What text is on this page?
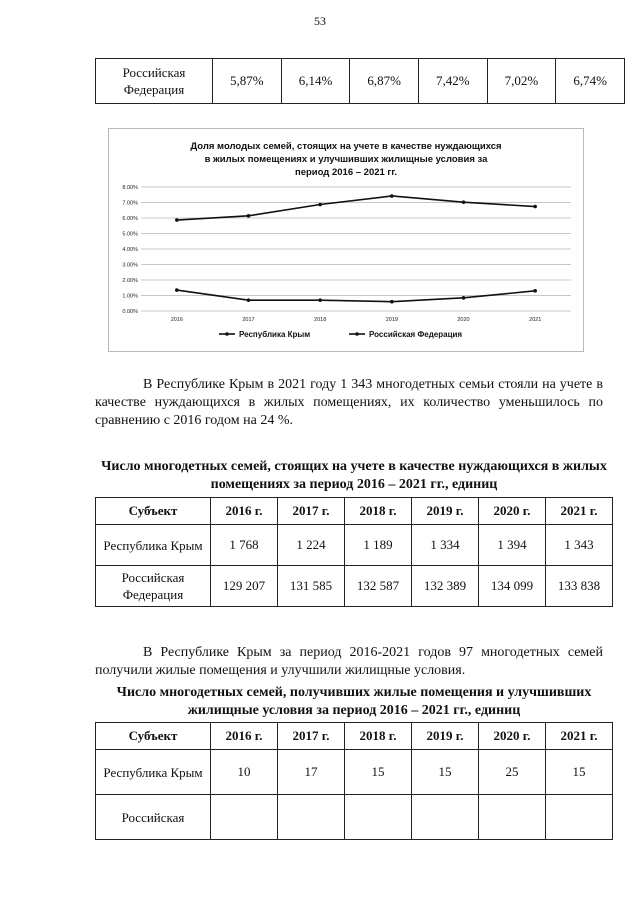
53
Российская Федерация	5,87%	6,14%	6,87%	7,42%	7,02%	6,74%
Доля молодых семей, стоящих на учете в качестве нуждающихся
в жилых помещениях и улучшивших жилищные условия за
период 2016 – 2021 гг.
0.00%
1.00%
2.00%
3.00%
4.00%
5.00%
6.00%
7.00%
8.00%
2016	2017	2018	2019	2020	2021
Республика Крым	Российская Федерация
В Республике Крым в 2021 году 1 343 многодетных семьи стояли на учете в качестве нуждающихся в жилых помещениях, их количество уменьшилось по сравнению с 2016 годом на 24 %.
Число многодетных семей, стоящих на учете в качестве нуждающихся в жилых помещениях за период 2016 – 2021 гг., единиц
Субъект	2016 г.	2017 г.	2018 г.	2019 г.	2020 г.	2021 г.
Республика Крым	1 768	1 224	1 189	1 334	1 394	1 343
Российская Федерация	129 207	131 585	132 587	132 389	134 099	133 838
В Республике Крым за период 2016-2021 годов 97 многодетных семей получили жилые помещения и улучшили жилищные условия.
Число многодетных семей, получивших жилые помещения и улучшивших жилищные условия за период 2016 – 2021 гг., единиц
Субъект	2016 г.	2017 г.	2018 г.	2019 г.	2020 г.	2021 г.
Республика Крым	10	17	15	15	25	15
Российская						
